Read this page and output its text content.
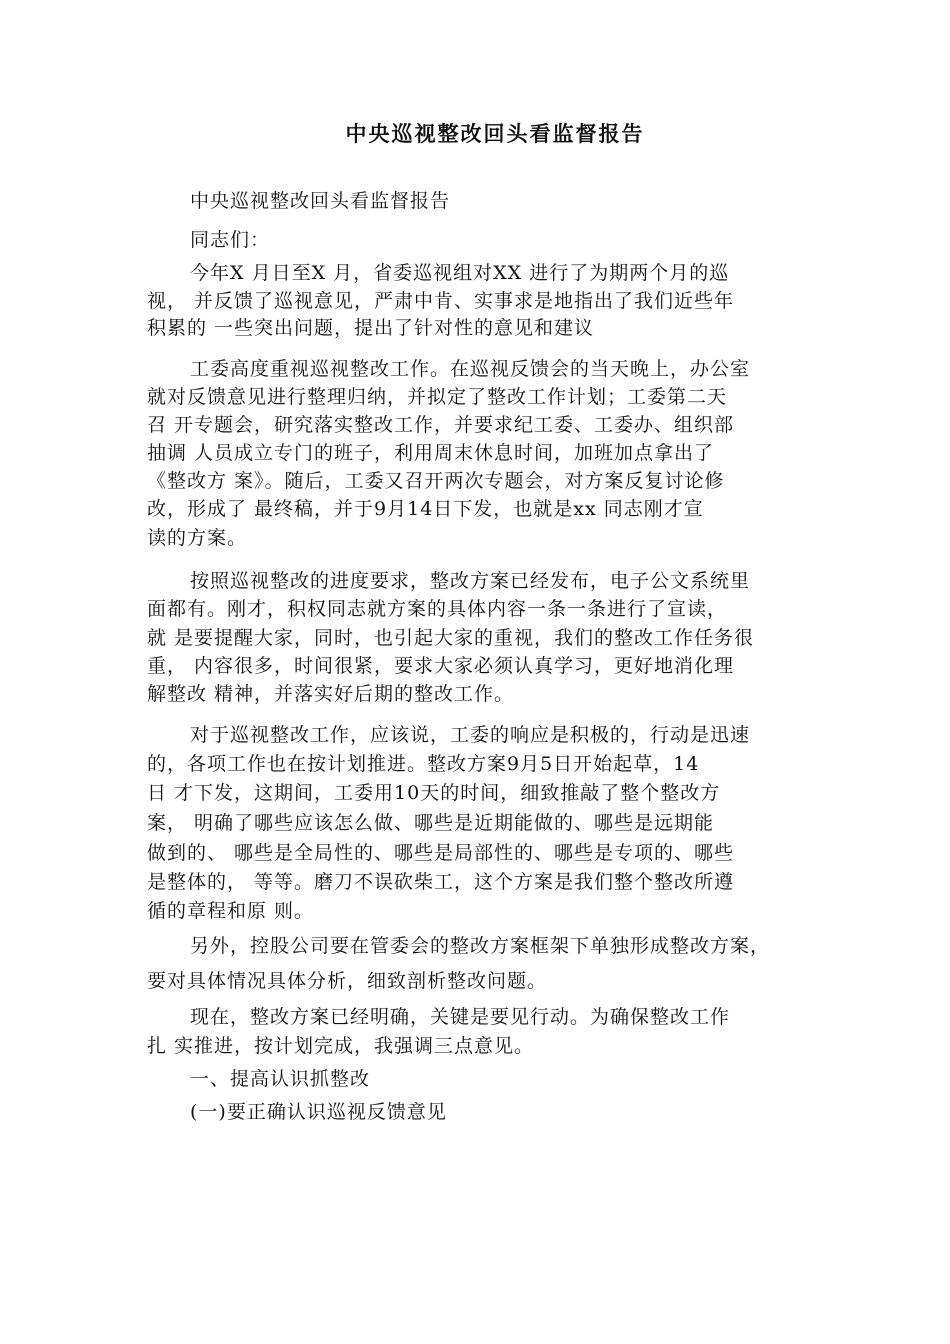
中央巡视整改回头看监督报告

中央巡视整改回头看监督报告

同志们：

今年X 月日至X 月，省委巡视组对XX 进行了为期两个月的巡

视， 并反馈了巡视意见，严肃中肯、实事求是地指出了我们近些年

积累的 一些突出问题，提出了针对性的意见和建议

工委高度重视巡视整改工作。在巡视反馈会的当天晚上，办公室

就对反馈意见进行整理归纳，并拟定了整改工作计划；工委第二天

召 开专题会，研究落实整改工作，并要求纪工委、工委办、组织部

抽调 人员成立专门的班子，利用周末休息时间，加班加点拿出了

《整改方 案》。随后，工委又召开两次专题会，对方案反复讨论修

改，形成了 最终稿，并于9月14日下发，也就是xx 同志刚才宣

读的方案。

按照巡视整改的进度要求，整改方案已经发布，电子公文系统里

面都有。刚才，积权同志就方案的具体内容一条一条进行了宣读，

就 是要提醒大家，同时，也引起大家的重视，我们的整改工作任务很

重， 内容很多，时间很紧，要求大家必须认真学习，更好地消化理

解整改 精神，并落实好后期的整改工作。

对于巡视整改工作，应该说，工委的响应是积极的，行动是迅速

的，各项工作也在按计划推进。整改方案9月5日开始起草，14

日 才下发，这期间，工委用10天的时间，细致推敲了整个整改方

案， 明确了哪些应该怎么做、哪些是近期能做的、哪些是远期能

做到的、 哪些是全局性的、哪些是局部性的、哪些是专项的、哪些

是整体的， 等等。磨刀不误砍柴工，这个方案是我们整个整改所遵

循的章程和原 则。

另外，控股公司要在管委会的整改方案框架下单独形成整改方案，

要对具体情况具体分析，细致剖析整改问题。

现在，整改方案已经明确，关键是要见行动。为确保整改工作

扎 实推进，按计划完成，我强调三点意见。

一、提高认识抓整改

(一)要正确认识巡视反馈意见
